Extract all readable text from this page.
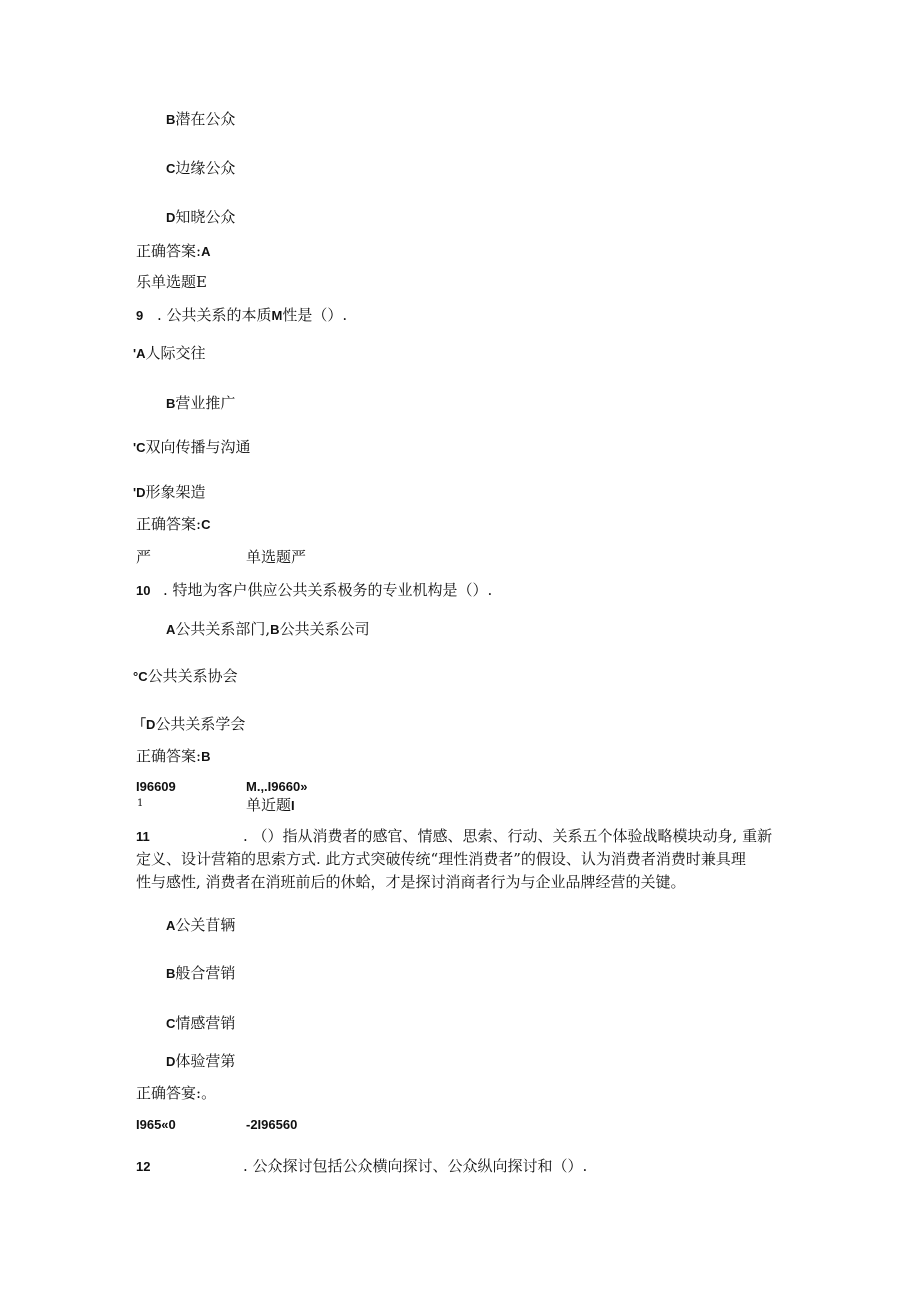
B潜在公众
C边缘公众
D知晓公众
正确答案:A
乐单选题E
9 . 公共关系的本质M性是（）.
'A人际交往
B营业推广
'C双向传播与沟通
'D形象架造
正确答案:C
严	单选题严
10 . 特地为客户供应公共关系极务的专业机构是（）.
A公共关系部门,B公共关系公司
°C公共关系协会
「D公共关系学会
正确答案:B
I96609	M.,.I9660»
1	单近题I
11	. （）指从消费者的感官、情感、思索、行动、关系五个体验战略模块动身, 重新
定义、设计营箱的思索方式. 此方式突破传统“理性消费者”的假设、认为消费者消费时兼具理
性与感性, 消费者在消班前后的休蛤，才是探讨消商者行为与企业品牌经营的关键。
A公关苜辆
B般合营销
C情感营销
D体验营第
正确答宴:。
I965«0	-2I96560
12	. 公众探讨包括公众横向探讨、公众纵向探讨和（）.
